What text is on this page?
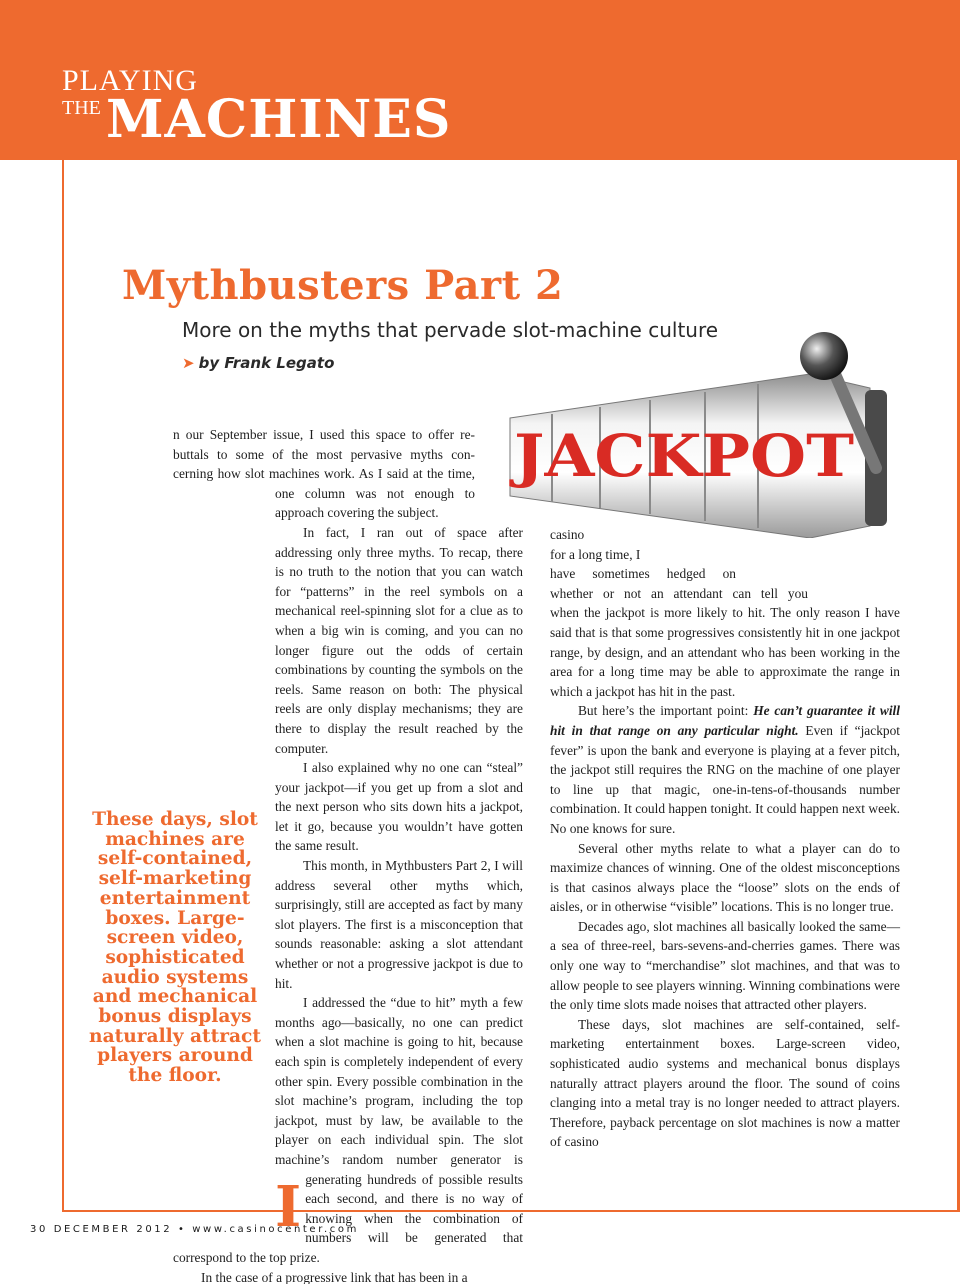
PLAYING
THE MACHINES
JACKPOT
Mythbusters Part 2
More on the myths that pervade slot-machine culture
➤ by Frank Legato

I
n our September issue, I used this space to offer re- buttals to some of the most pervasive myths con- cerning how slot machines work. As I said at the time, one column was not enough to approach covering the subject.

In fact, I ran out of space after addressing only three myths. To recap, there is no truth to the notion that you can watch for “patterns” in the reel symbols on a mechanical reel-spinning slot for a clue as to when a big win is coming, and you can no longer figure out the odds of certain combinations by counting the symbols on the reels. Same reason on both: The physical reels are only display mechanisms; they are there to display the result reached by the computer.

I also explained why no one can “steal” your jackpot—if you get up from a slot and the next person who sits down hits a jackpot, let it go, because you wouldn’t have gotten the same result.

This month, in Mythbusters Part 2, I will address several other myths which, surprisingly, still are accepted as fact by many slot players. The first is a misconception that sounds reasonable: asking a slot attendant whether or not a progressive jackpot is due to hit.

I addressed the “due to hit” myth a few months ago—basically, no one can predict when a slot machine is going to hit, because each spin is completely independent of every other spin. Every possible combination in the slot machine’s program, including the top jackpot, must by law, be available to the player on each individual spin. The slot machine’s random number generator is generating hundreds of possible results each second, and there is no way of knowing when the combination of numbers will be generated that correspond to the top prize.

In the case of a progressive link that has been in a

These days, slot machines are self-contained, self-marketing entertainment boxes. Large-screen video, sophisticated audio systems and mechanical bonus displays naturally attract players around the floor.

casino
for a long time, I
have sometimes hedged on
whether or not an attendant can tell you
when the jackpot is more likely to hit. The only reason I have said that is that some progressives consistently hit in one jackpot range, by design, and an attendant who has been working in the area for a long time may be able to approximate the range in which a jackpot has hit in the past.

But here’s the important point: He can’t guarantee it will hit in that range on any particular night. Even if “jackpot fever” is upon the bank and everyone is playing at a fever pitch, the jackpot still requires the RNG on the machine of one player to line up that magic, one-in-tens-of-thousands number combination. It could happen tonight. It could happen next week. No one knows for sure.

Several other myths relate to what a player can do to maximize chances of winning. One of the oldest misconceptions is that casinos always place the “loose” slots on the ends of aisles, or in otherwise “visible” locations. This is no longer true.

Decades ago, slot machines all basically looked the same—a sea of three-reel, bars-sevens-and-cherries games. There was only one way to “merchandise” slot machines, and that was to allow people to see players winning. Winning combinations were the only time slots made noises that attracted other players.

These days, slot machines are self-contained, self-marketing entertainment boxes. Large-screen video, sophisticated audio systems and mechanical bonus displays naturally attract players around the floor. The sound of coins clanging into a metal tray is no longer needed to attract players. Therefore, payback percentage on slot machines is now a matter of casino

30 DECEMBER 2012 • www.casinocenter.com
